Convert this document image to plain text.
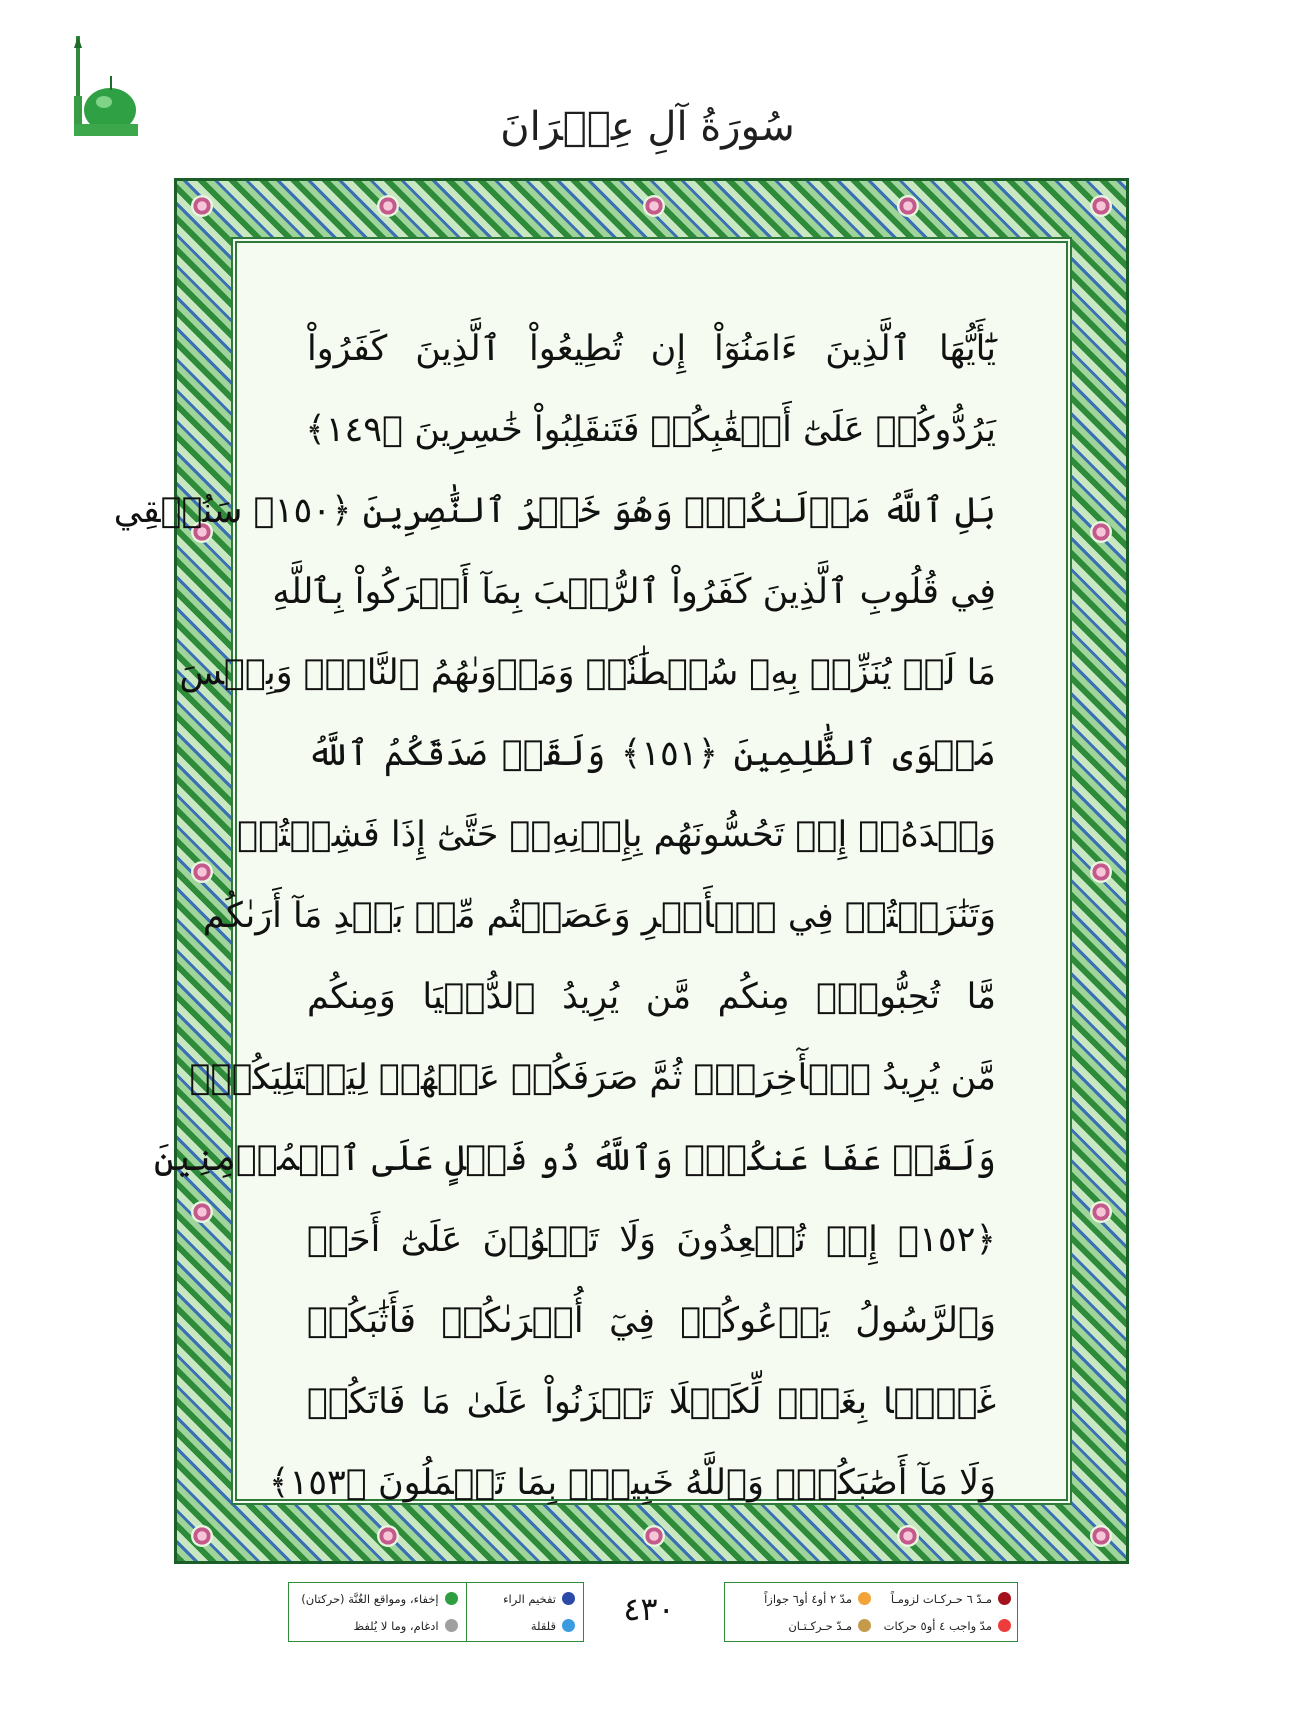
سُورَةُ آلِ عِمۡرَانَ
يَٰٓأَيُّهَا ٱلَّذِينَ ءَامَنُوٓاْ إِن تُطِيعُواْ ٱلَّذِينَ كَفَرُواْ
يَرُدُّوكُمۡ عَلَىٰٓ أَعۡقَٰبِكُمۡ فَتَنقَلِبُواْ خَٰسِرِينَ ﴿١٤٩﴾
بَلِ ٱللَّهُ مَوۡلَىٰكُمۡۖ وَهُوَ خَيۡرُ ٱلنَّٰصِرِينَ ﴿١٥٠﴾ سَنُلۡقِي
فِي قُلُوبِ ٱلَّذِينَ كَفَرُواْ ٱلرُّعۡبَ بِمَآ أَشۡرَكُواْ بِٱللَّهِ
مَا لَمۡ يُنَزِّلۡ بِهِۦ سُلۡطَٰنٗاۖ وَمَأۡوَىٰهُمُ ٱلنَّارُۚ وَبِئۡسَ
مَثۡوَى ٱلظَّٰلِمِينَ ﴿١٥١﴾ وَلَقَدۡ صَدَقَكُمُ ٱللَّهُ
وَعۡدَهُۥٓ إِذۡ تَحُسُّونَهُم بِإِذۡنِهِۦۖ حَتَّىٰٓ إِذَا فَشِلۡتُمۡ
وَتَنَٰزَعۡتُمۡ فِي ٱلۡأَمۡرِ وَعَصَيۡتُم مِّنۢ بَعۡدِ مَآ أَرَىٰكُم
مَّا تُحِبُّونَۚ مِنكُم مَّن يُرِيدُ ٱلدُّنۡيَا وَمِنكُم
مَّن يُرِيدُ ٱلۡأٓخِرَةَۚ ثُمَّ صَرَفَكُمۡ عَنۡهُمۡ لِيَبۡتَلِيَكُمۡۖ
وَلَقَدۡ عَفَا عَنكُمۡۗ وَٱللَّهُ ذُو فَضۡلٍ عَلَى ٱلۡمُؤۡمِنِينَ
﴿١٥٢﴾ إِذۡ تُصۡعِدُونَ وَلَا تَلۡوُۥنَ عَلَىٰٓ أَحَدٖ
وَٱلرَّسُولُ يَدۡعُوكُمۡ فِيٓ أُخۡرَىٰكُمۡ فَأَثَٰبَكُمۡ
غَمَّۢا بِغَمّٖ لِّكَيۡلَا تَحۡزَنُواْ عَلَىٰ مَا فَاتَكُمۡ
وَلَا مَآ أَصَٰبَكُمۡۗ وَٱللَّهُ خَبِيرُۢ بِمَا تَعۡمَلُونَ ﴿١٥٣﴾
تفخيم الراء
قلقلة
إخفاء، ومواقع الغُنَّة (حركتان)
ادغام، وما لا يُلفظ	٤٣٠	مـدّ ٦ حـركـات لزومـاً
مدّ ٢ أو٤ أو٦ جوازاً
مدّ واجب ٤ أو٥ حركات
مـدّ حـركـتـان
